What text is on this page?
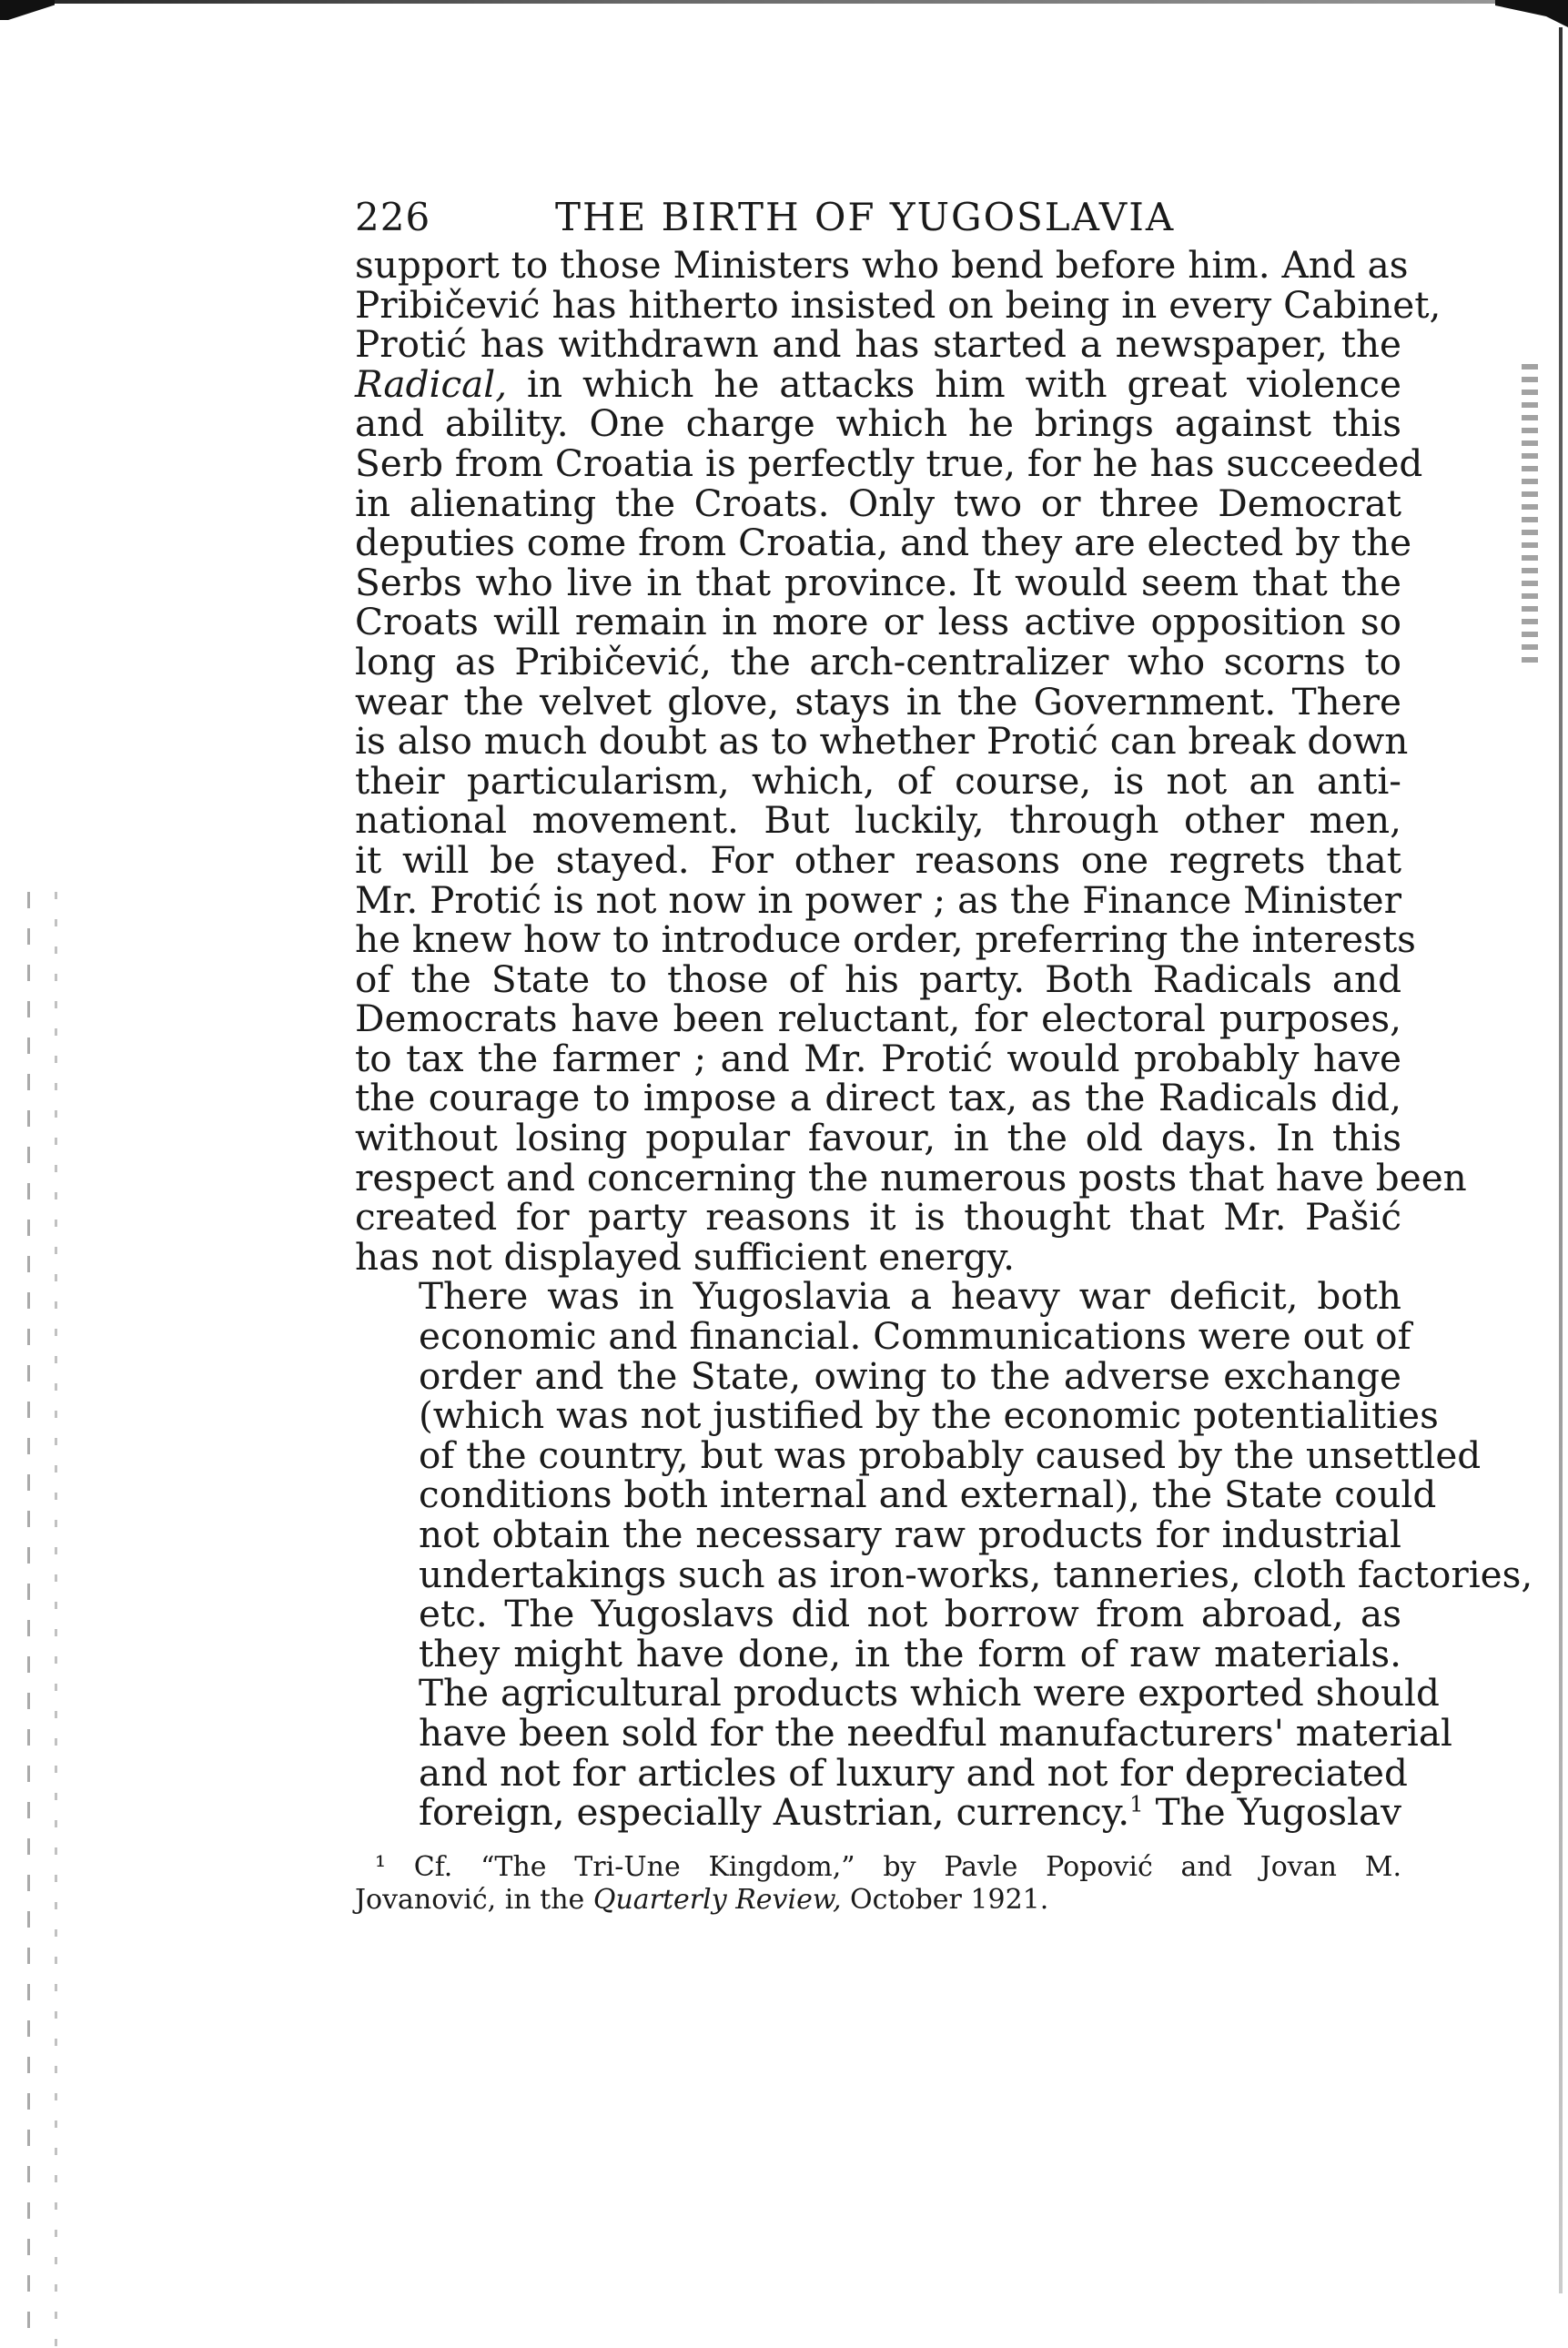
226	THE BIRTH OF YUGOSLAVIA

support to those Ministers who bend before him. And as
Pribičević has hitherto insisted on being in every Cabinet,
Protić has withdrawn and has started a newspaper, the
Radical, in which he attacks him with great violence
and ability. One charge which he brings against this
Serb from Croatia is perfectly true, for he has succeeded
in alienating the Croats. Only two or three Democrat
deputies come from Croatia, and they are elected by the
Serbs who live in that province. It would seem that the
Croats will remain in more or less active opposition so
long as Pribičević, the arch-centralizer who scorns to
wear the velvet glove, stays in the Government. There
is also much doubt as to whether Protić can break down
their particularism, which, of course, is not an anti-
national movement. But luckily, through other men,
it will be stayed. For other reasons one regrets that
Mr. Protić is not now in power ; as the Finance Minister
he knew how to introduce order, preferring the interests
of the State to those of his party. Both Radicals and
Democrats have been reluctant, for electoral purposes,
to tax the farmer ; and Mr. Protić would probably have
the courage to impose a direct tax, as the Radicals did,
without losing popular favour, in the old days. In this
respect and concerning the numerous posts that have been
created for party reasons it is thought that Mr. Pašić
has not displayed sufficient energy.

There was in Yugoslavia a heavy war deficit, both
economic and financial. Communications were out of
order and the State, owing to the adverse exchange
(which was not justified by the economic potentialities
of the country, but was probably caused by the unsettled
conditions both internal and external), the State could
not obtain the necessary raw products for industrial
undertakings such as iron-works, tanneries, cloth factories,
etc. The Yugoslavs did not borrow from abroad, as
they might have done, in the form of raw materials.
The agricultural products which were exported should
have been sold for the needful manufacturers' material
and not for articles of luxury and not for depreciated
foreign, especially Austrian, currency.$^1$ The Yugoslav

¹ Cf. “The Tri-Une Kingdom,” by Pavle Popović and Jovan M.
Jovanović, in the Quarterly Review, October 1921.
